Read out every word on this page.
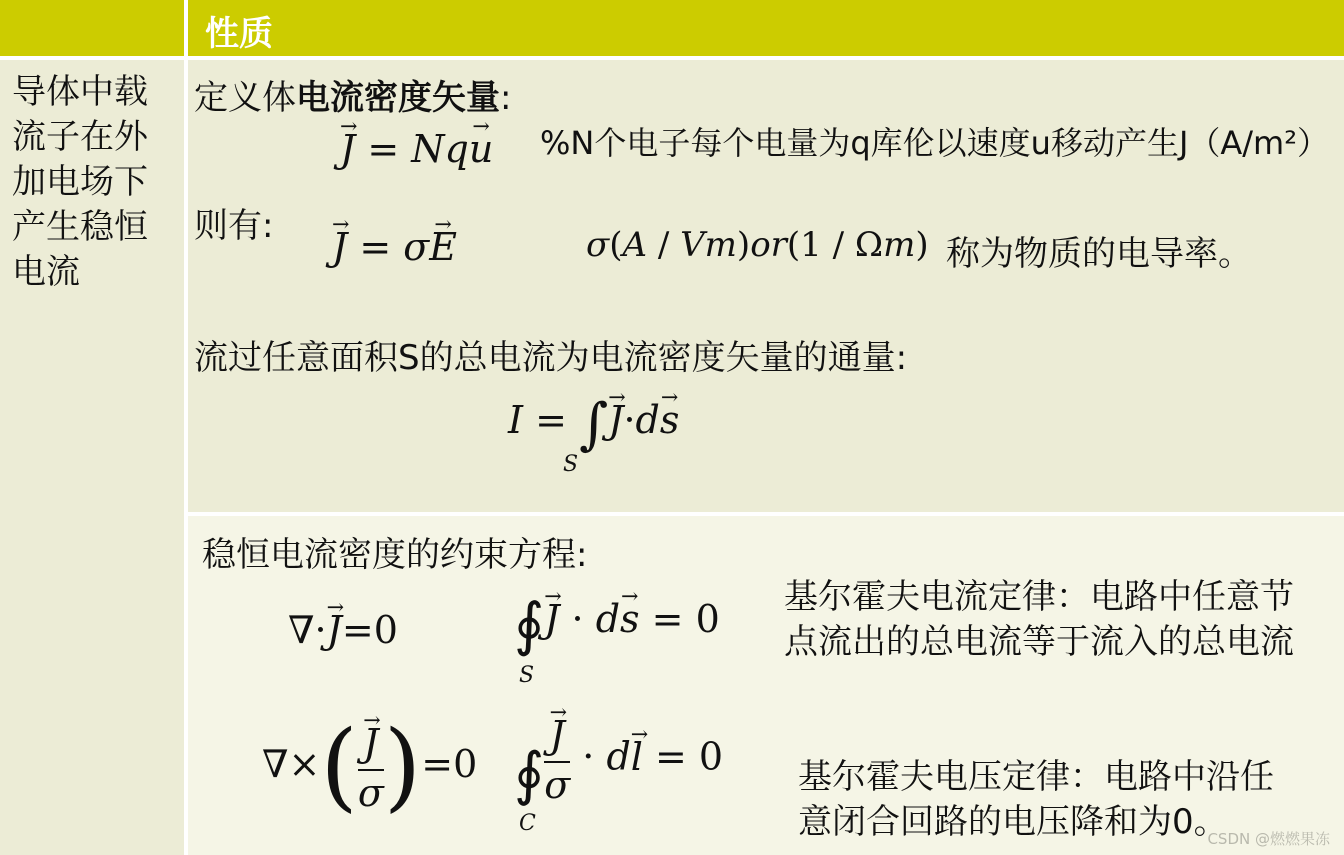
性质
导体中载流子在外加电场下产生稳恒电流
定义体电流密度矢量:
→ J = Nq→ u %N个电子每个电量为q库伦以速度u移动产生J（A/m²）
则有:
→ J = σ→ E	σ(A / Vm)or(1 / Ωm) 称为物质的电导率。
流过任意面积S的总电流为电流密度矢量的通量:
I = ∫→ J·d→ s
S
稳恒电流密度的约束方程:
∇·→ J=0 ∮→ J · d→ s = 0
S
基尔霍夫电流定律：电路中任意节点流出的总电流等于流入的总电流
∇×(→ $\frac{J}{\sigma} )=0$ ∮→ $\frac{J}{\sigma} \cdot d\to l = 0$
C
基尔霍夫电压定律：电路中沿任意闭合回路的电压降和为0。
CSDN @燃燃果冻
